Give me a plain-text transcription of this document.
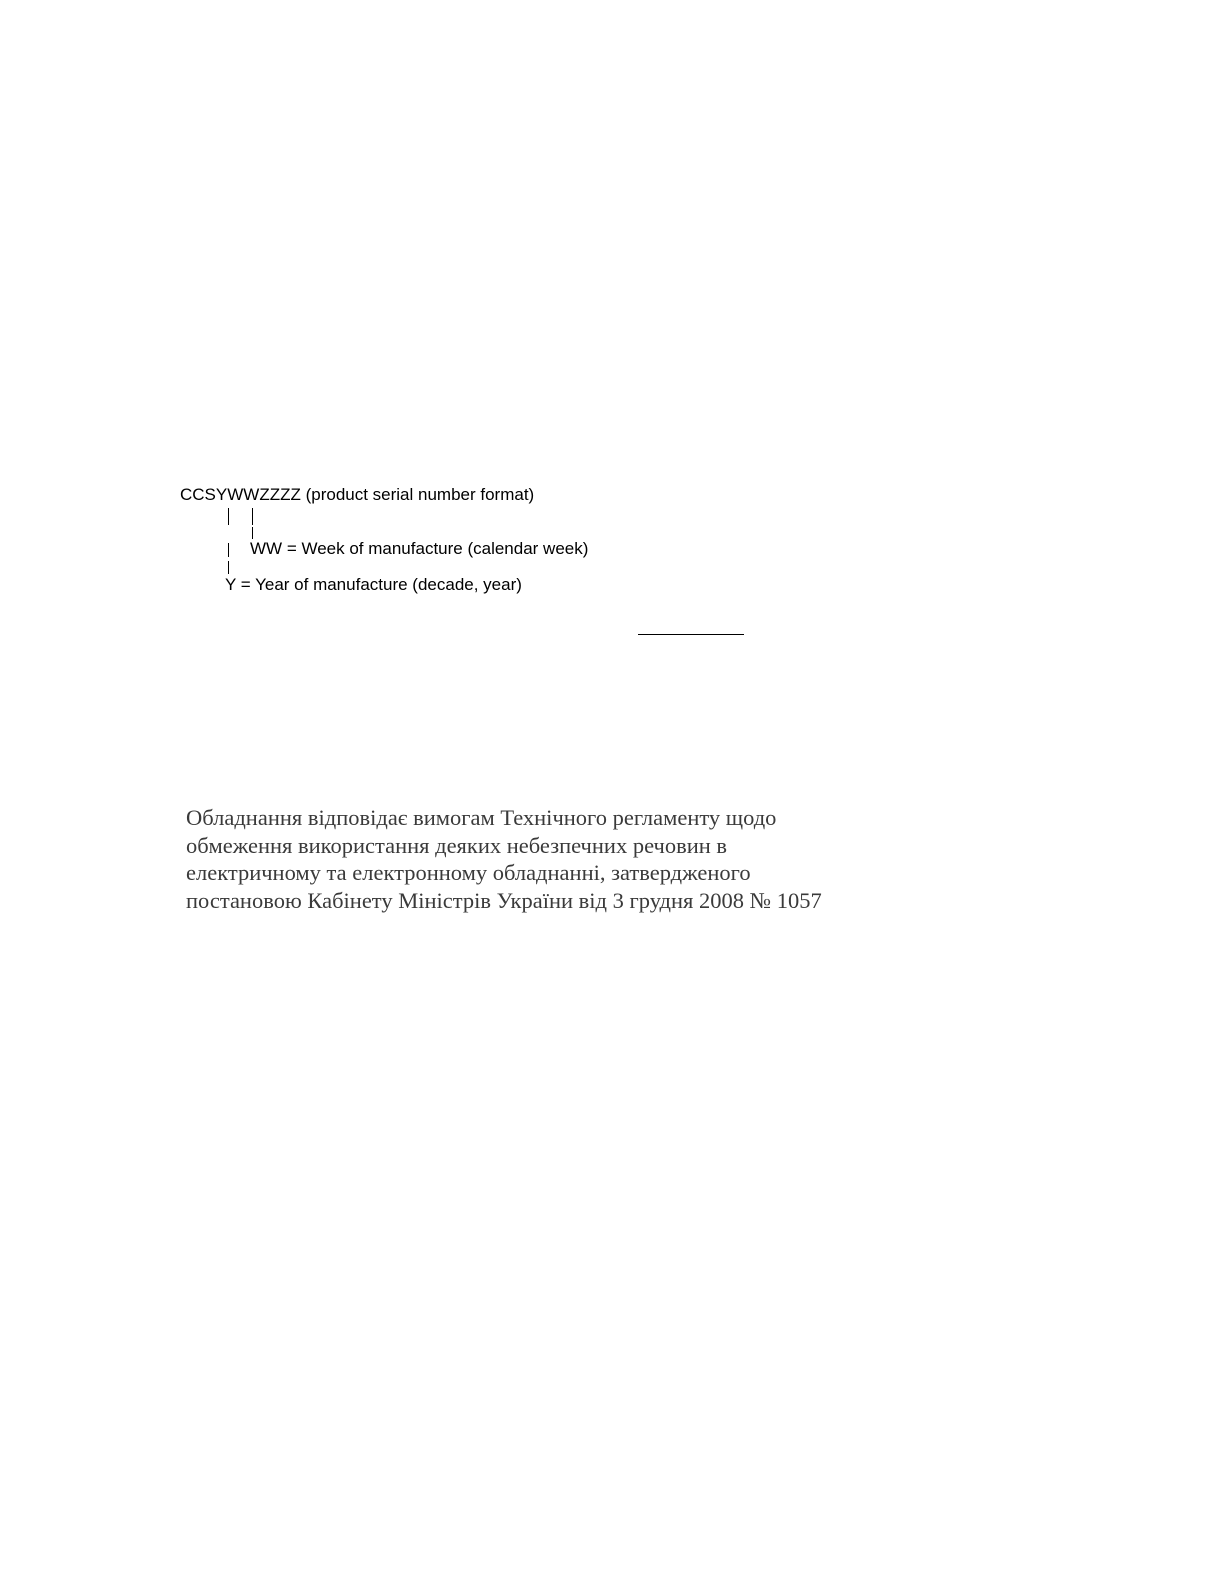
CCSYWWZZZZ (product serial number format)
WW = Week of manufacture (calendar week)
Y = Year of manufacture (decade, year)

Обладнання відповідає вимогам Технічного регламенту щодо
обмеження використання деяких небезпечних речовин в
електричному та електронному обладнанні, затвердженого
постановою Кабінету Міністрів України від 3 грудня 2008 № 1057
